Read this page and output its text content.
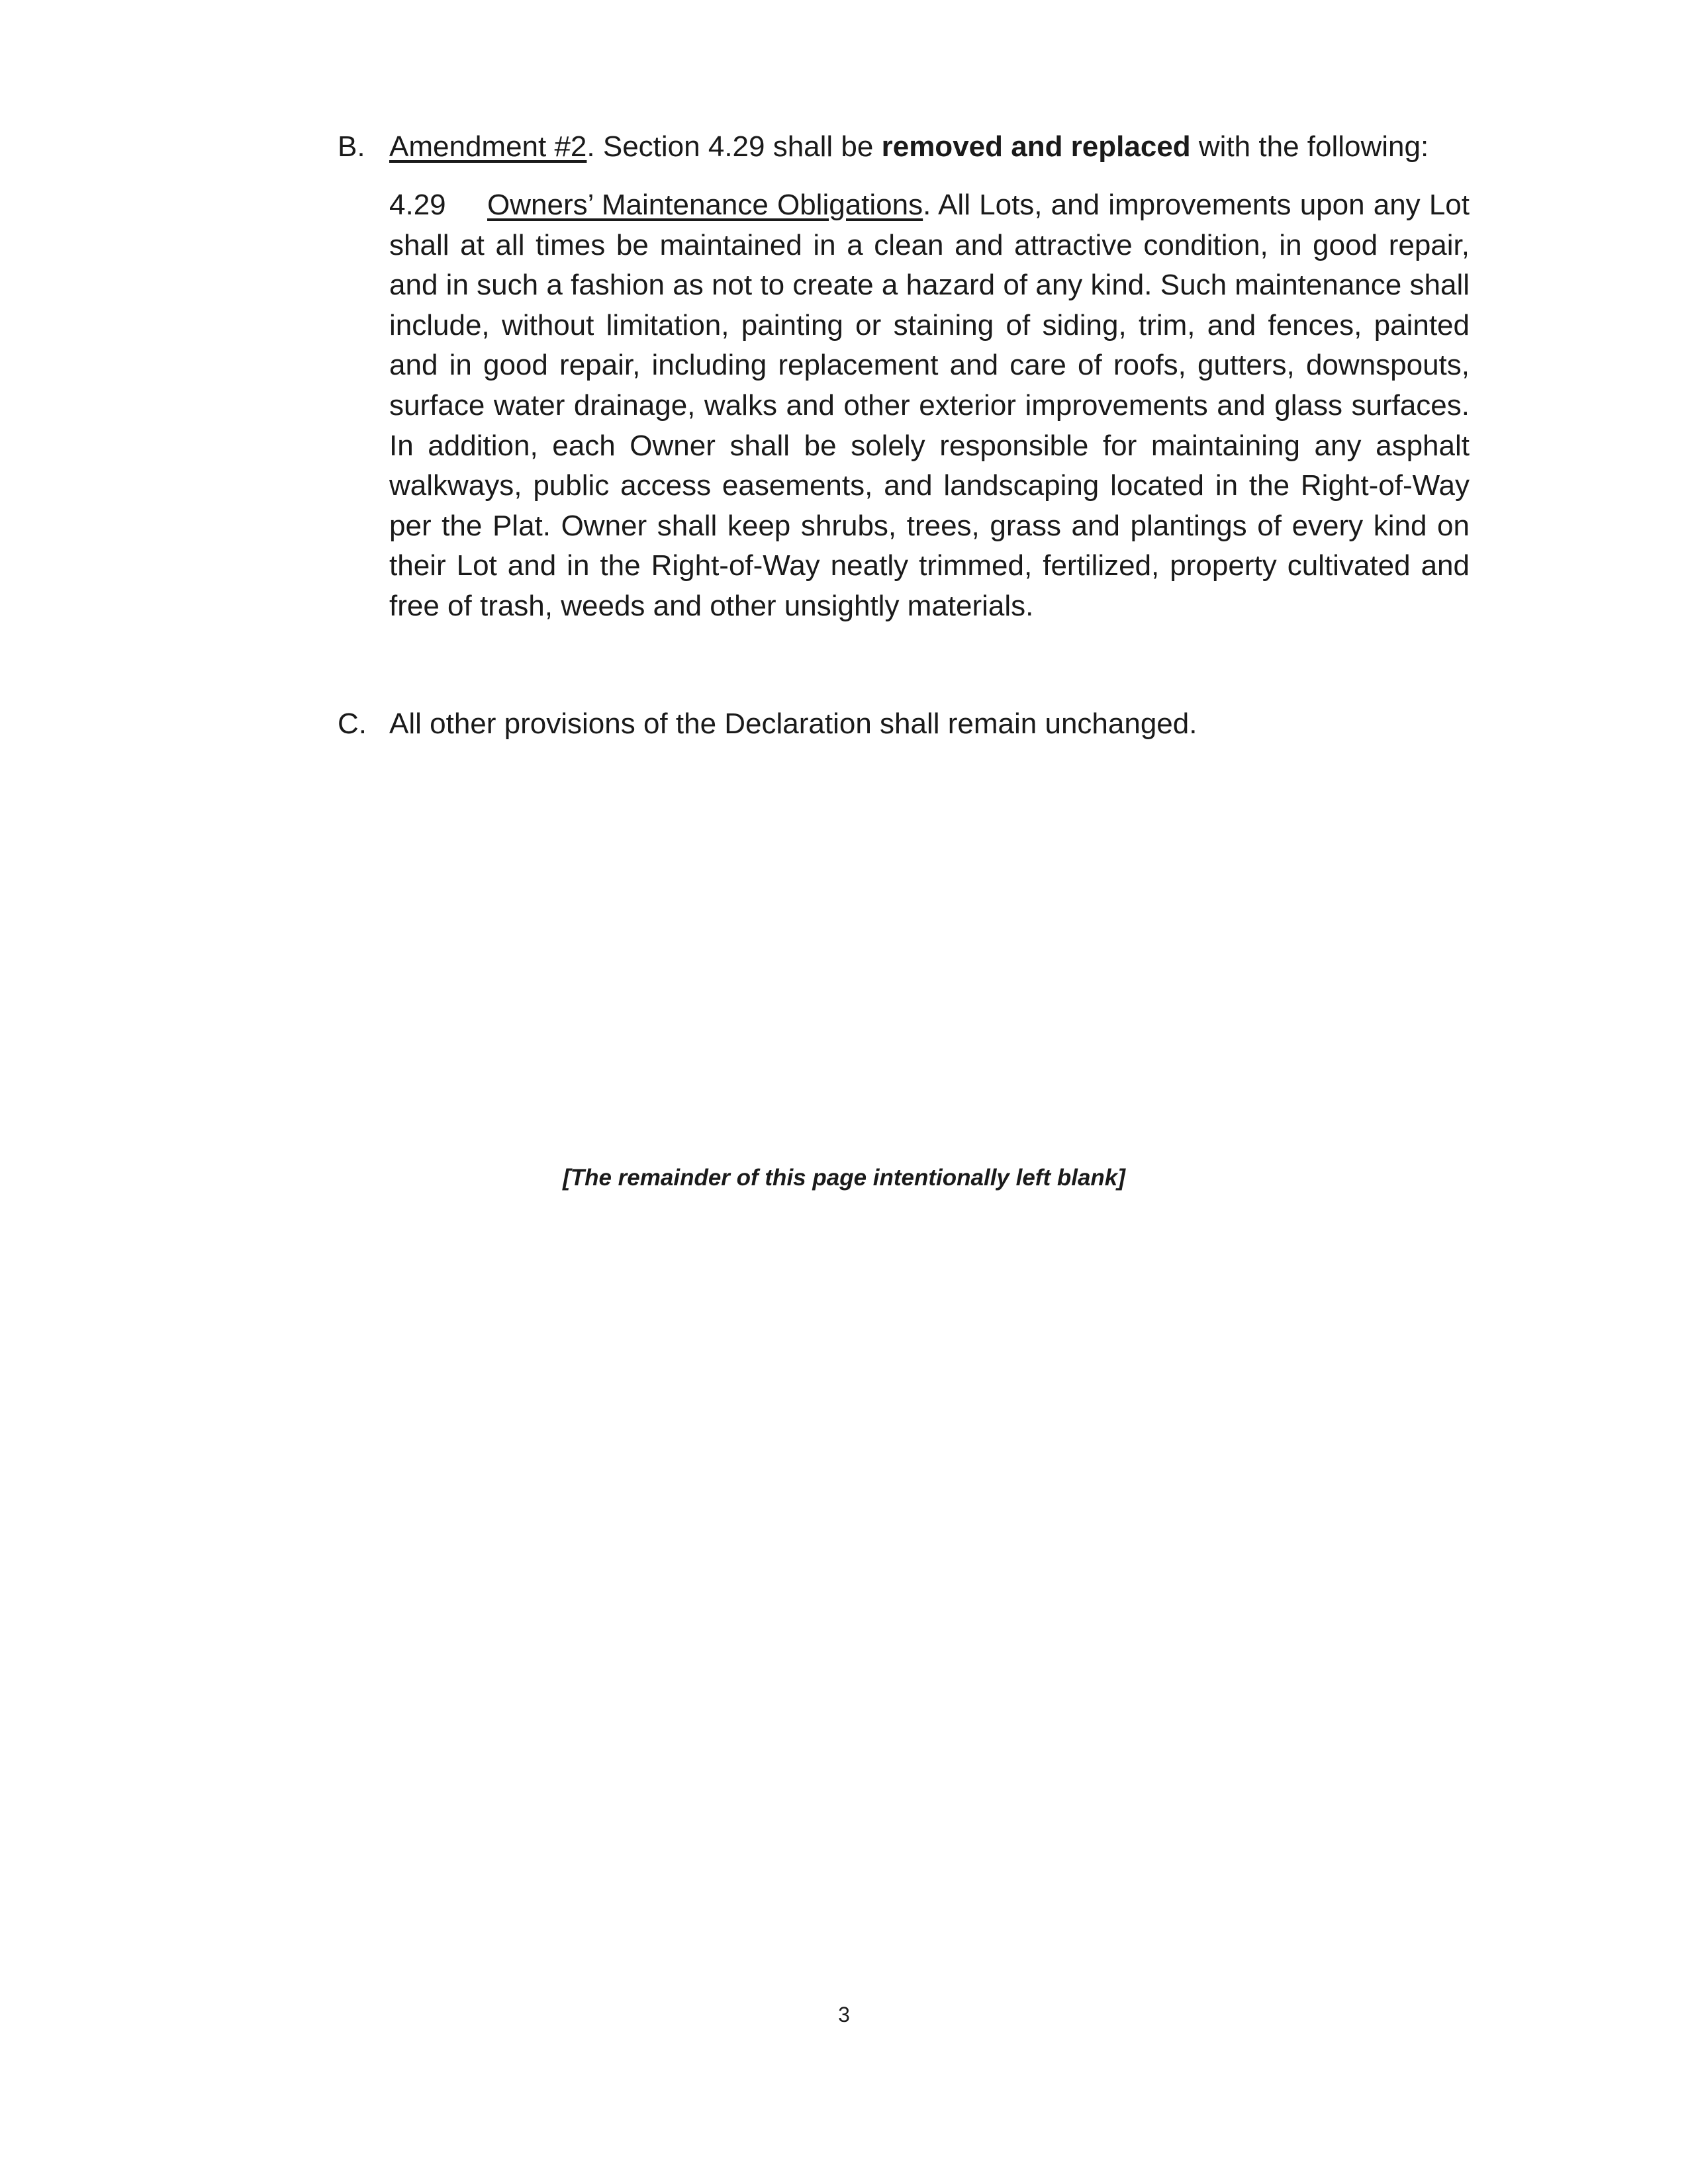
B. Amendment #2. Section 4.29 shall be removed and replaced with the following:
4.29 Owners’ Maintenance Obligations. All Lots, and improvements upon any Lot shall at all times be maintained in a clean and attractive condition, in good repair, and in such a fashion as not to create a hazard of any kind. Such maintenance shall include, without limitation, painting or staining of siding, trim, and fences, painted and in good repair, including replacement and care of roofs, gutters, downspouts, surface water drainage, walks and other exterior improvements and glass surfaces. In addition, each Owner shall be solely responsible for maintaining any asphalt walkways, public access easements, and landscaping located in the Right-of-Way per the Plat. Owner shall keep shrubs, trees, grass and plantings of every kind on their Lot and in the Right-of-Way neatly trimmed, fertilized, property cultivated and free of trash, weeds and other unsightly materials.
C. All other provisions of the Declaration shall remain unchanged.
[The remainder of this page intentionally left blank]
3
